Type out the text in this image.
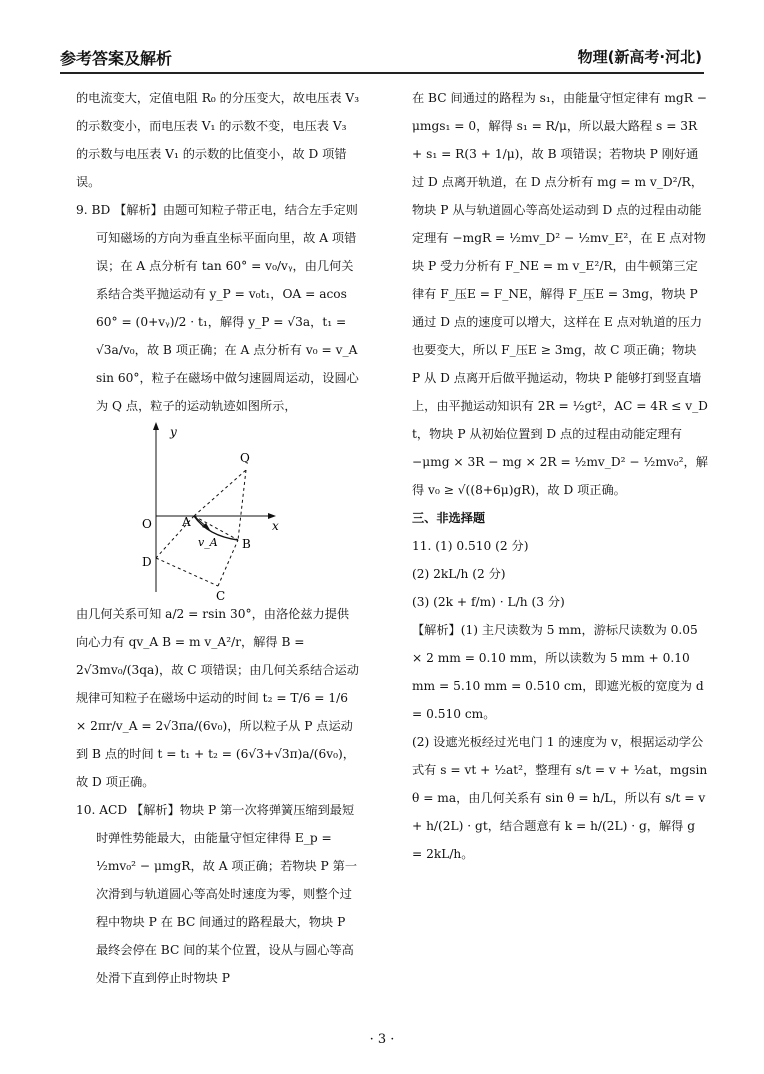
参考答案及解析	物理(新高考·河北)

的电流变大，定值电阻 R₀ 的分压变大，故电压表 V₃ 的示数变小，而电压表 V₁ 的示数不变，电压表 V₃ 的示数与电压表 V₁ 的示数的比值变小，故 D 项错误。

9. BD 【解析】由题可知粒子带正电，结合左手定则可知磁场的方向为垂直坐标平面向里，故 A 项错误；在 A 点分析有 tan 60° = v₀/vᵧ，由几何关系结合类平抛运动有 y_P = v₀t₁，OA = acos 60° = (0+vᵧ)/2 · t₁，解得 y_P = √3a，t₁ = √3a/v₀，故 B 项正确；在 A 点分析有 v₀ = v_A sin 60°，粒子在磁场中做匀速圆周运动，设圆心为 Q 点，粒子的运动轨迹如图所示，

y
O	A	x
Q
v_A B
D
C

由几何关系可知 a/2 = rsin 30°，由洛伦兹力提供向心力有 qv_A B = m v_A²/r，解得 B = 2√3mv₀/(3qa)，故 C 项错误；由几何关系结合运动规律可知粒子在磁场中运动的时间 t₂ = T/6 = 1/6 × 2πr/v_A = 2√3πa/(6v₀)，所以粒子从 P 点运动到 B 点的时间 t = t₁ + t₂ = (6√3+√3π)a/(6v₀)，故 D 项正确。

10. ACD 【解析】物块 P 第一次将弹簧压缩到最短时弹性势能最大，由能量守恒定律得 E_p = ½mv₀² − μmgR，故 A 项正确；若物块 P 第一次滑到与轨道圆心等高处时速度为零，则整个过程中物块 P 在 BC 间通过的路程最大，物块 P 最终会停在 BC 间的某个位置，设从与圆心等高处滑下直到停止时物块 P

在 BC 间通过的路程为 s₁，由能量守恒定律有 mgR − μmgs₁ = 0，解得 s₁ = R/μ，所以最大路程 s = 3R + s₁ = R(3 + 1/μ)，故 B 项错误；若物块 P 刚好通过 D 点离开轨道，在 D 点分析有 mg = m v_D²/R，物块 P 从与轨道圆心等高处运动到 D 点的过程由动能定理有 −mgR = ½mv_D² − ½mv_E²，在 E 点对物块 P 受力分析有 F_NE = m v_E²/R，由牛顿第三定律有 F_压E = F_NE，解得 F_压E = 3mg，物块 P 通过 D 点的速度可以增大，这样在 E 点对轨道的压力也要变大，所以 F_压E ≥ 3mg，故 C 项正确；物块 P 从 D 点离开后做平抛运动，物块 P 能够打到竖直墙上，由平抛运动知识有 2R = ½gt²，AC = 4R ≤ v_D t，物块 P 从初始位置到 D 点的过程由动能定理有 −μmg × 3R − mg × 2R = ½mv_D² − ½mv₀²，解得 v₀ ≥ √((8+6μ)gR)，故 D 项正确。

三、非选择题

11. (1) 0.510 (2 分)

(2) 2kL/h (2 分)

(3) (2k + f/m) · L/h (3 分)

【解析】(1) 主尺读数为 5 mm，游标尺读数为 0.05 × 2 mm = 0.10 mm，所以读数为 5 mm + 0.10 mm = 5.10 mm = 0.510 cm，即遮光板的宽度为 d = 0.510 cm。

(2) 设遮光板经过光电门 1 的速度为 v，根据运动学公式有 s = vt + ½at²，整理有 s/t = v + ½at，mgsin θ = ma，由几何关系有 sin θ = h/L，所以有 s/t = v + h/(2L) · gt，结合题意有 k = h/(2L) · g，解得 g = 2kL/h。

· 3 ·
